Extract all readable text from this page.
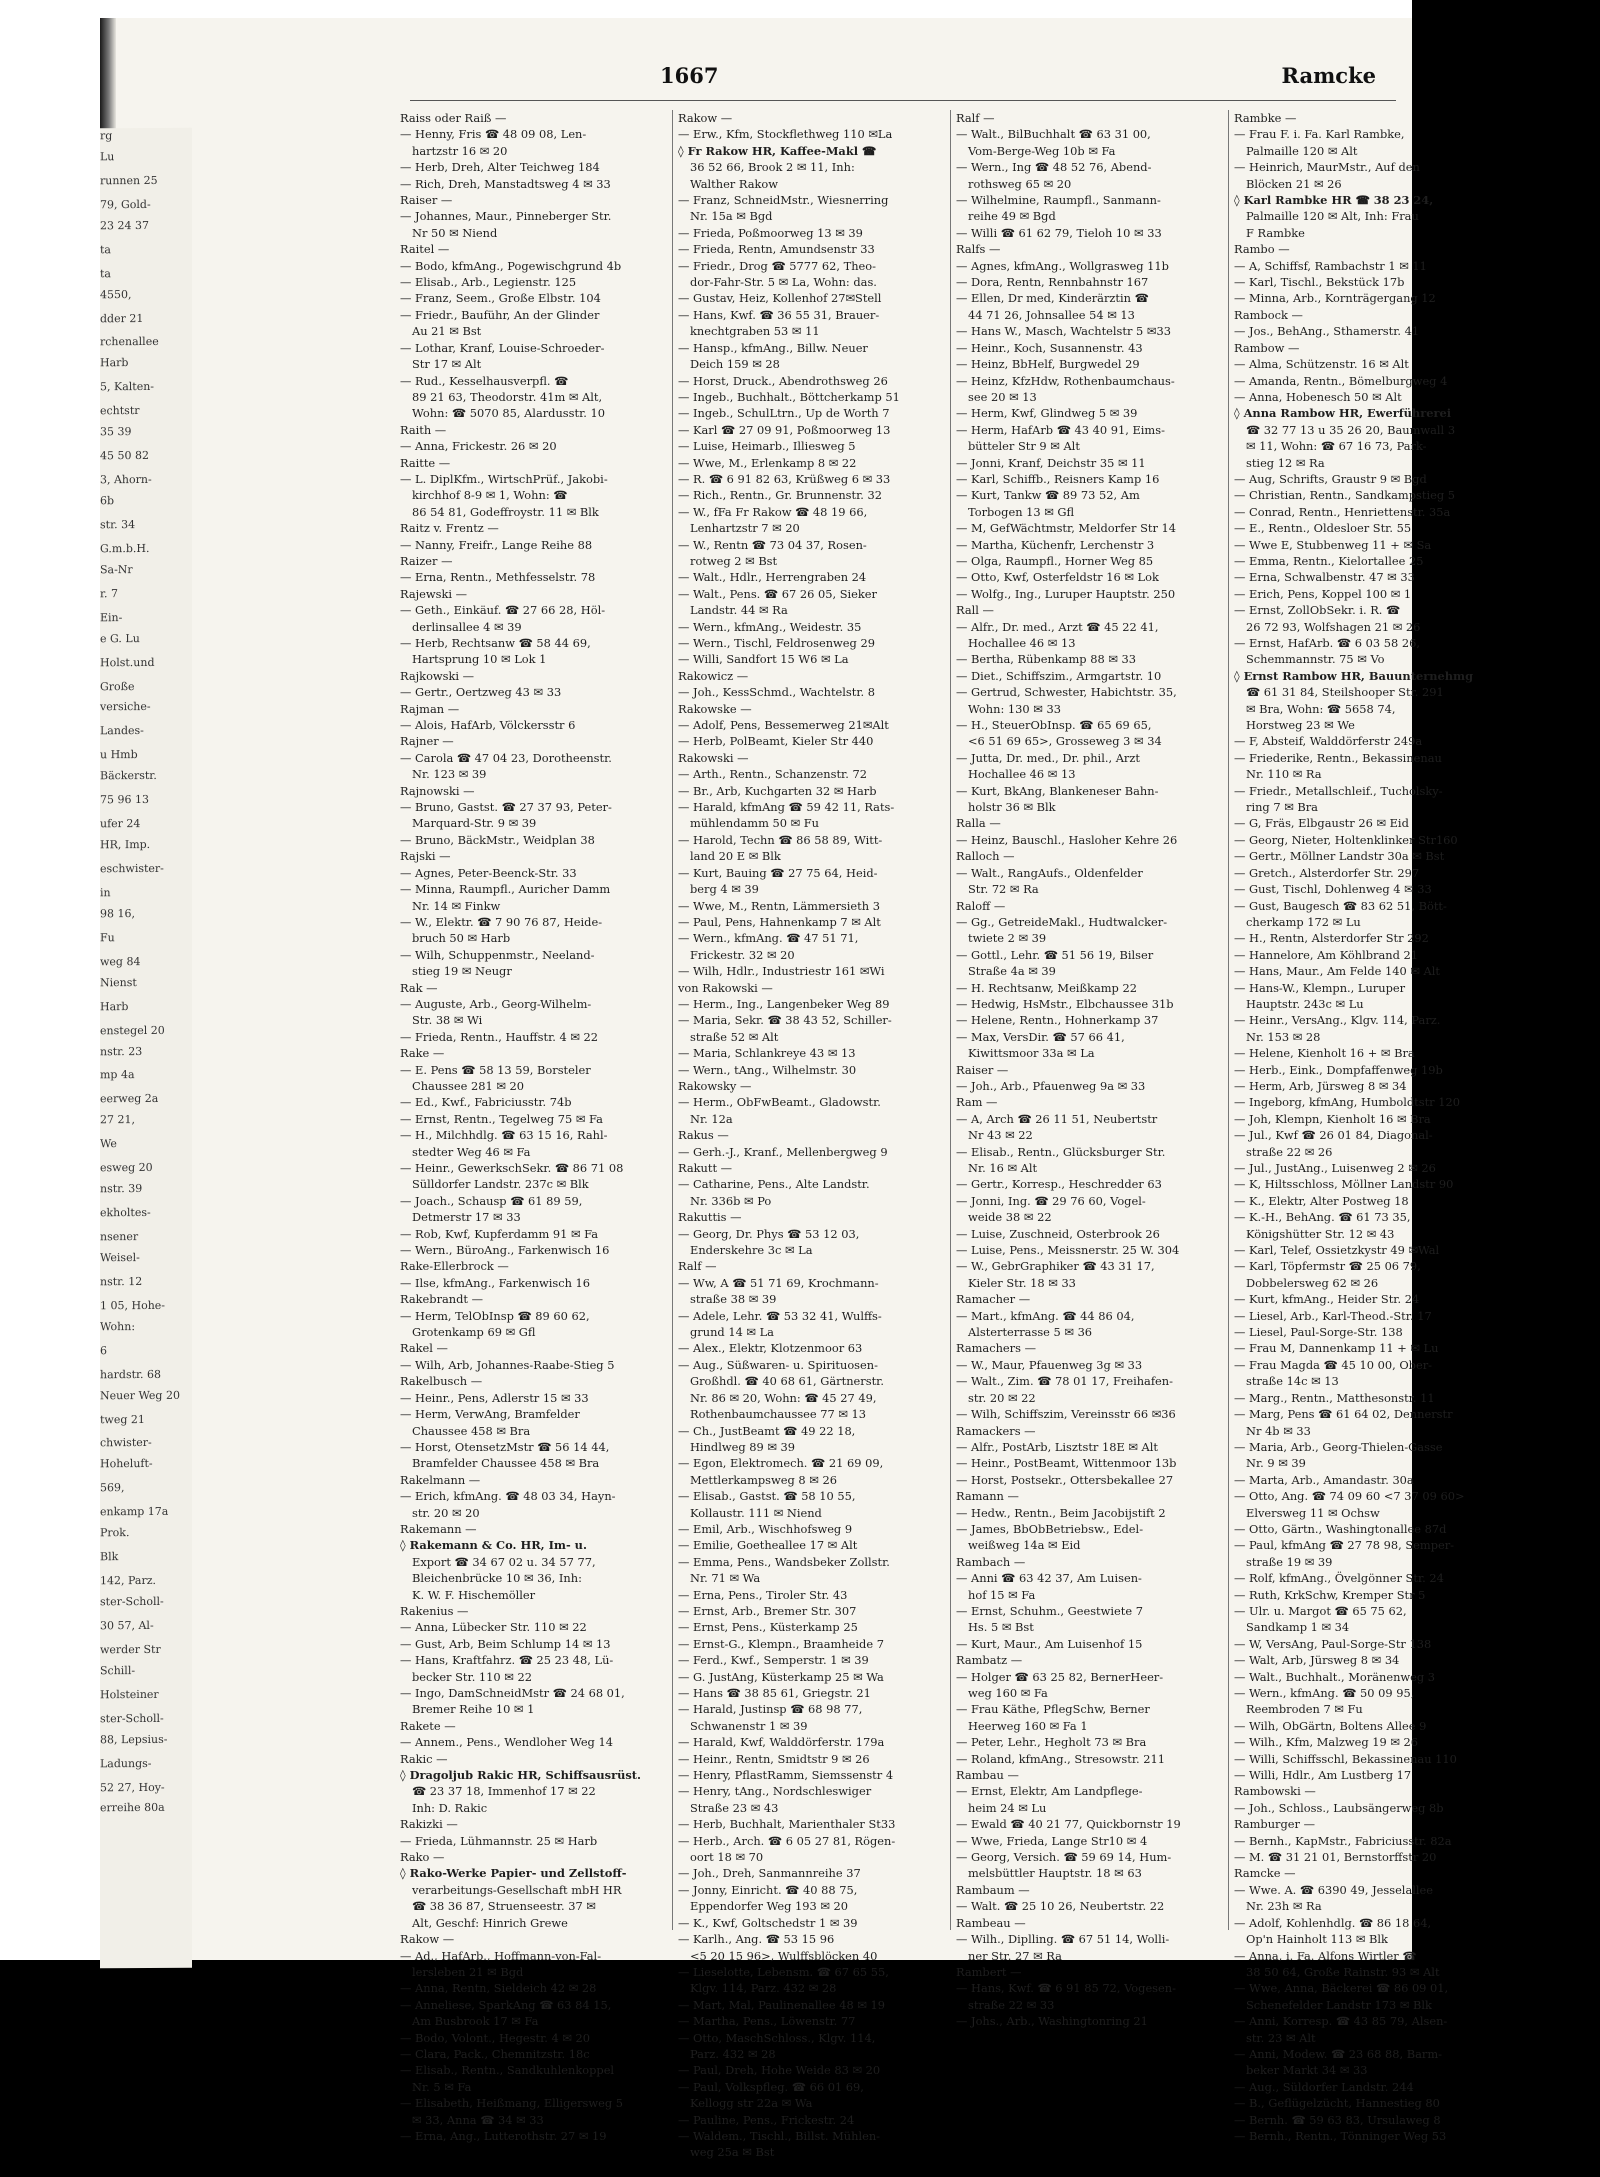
rg
Lu
runnen 25
79, Gold-
23 24 37
ta
ta
4550,
dder 21
rchenallee
Harb
5, Kalten-
echtstr
35 39
45 50 82
3, Ahorn-
6b
str. 34
G.m.b.H.
Sa-Nr
r. 7
Ein-
e G. Lu
Holst.und
Große
versiche-
Landes-
u Hmb
Bäckerstr.
75 96 13
ufer 24
HR, Imp.
eschwister-
in
98 16,
Fu
weg 84
Nienst
Harb
enstegel 20
nstr. 23
mp 4a
eerweg 2a
27 21,
We
esweg 20
nstr. 39
ekholtes-
nsener
Weisel-
nstr. 12
1 05, Hohe-
Wohn:
6
hardstr. 68
Neuer Weg 20
tweg 21
chwister-
Hoheluft-
569,
enkamp 17a
Prok.
Blk
142, Parz.
ster-Scholl-
30 57, Al-
werder Str
Schill-
Holsteiner
ster-Scholl-
88, Lepsius-
Ladungs-
52 27, Hoy-
erreihe 80a
1667	Ramcke
Raiss oder Raiß —
— Henny, Fris ☎ 48 09 08, Len-
hartzstr 16 ✉ 20
— Herb, Dreh, Alter Teichweg 184
— Rich, Dreh, Manstadtsweg 4 ✉ 33
Raiser —
— Johannes, Maur., Pinneberger Str.
Nr 50 ✉ Niend
Raitel —
— Bodo, kfmAng., Pogewischgrund 4b
— Elisab., Arb., Legienstr. 125
— Franz, Seem., Große Elbstr. 104
— Friedr., Bauführ, An der Glinder
Au 21 ✉ Bst
— Lothar, Kranf, Louise-Schroeder-
Str 17 ✉ Alt
— Rud., Kesselhausverpfl. ☎
89 21 63, Theodorstr. 41m ✉ Alt,
Wohn: ☎ 5070 85, Alardusstr. 10
Raith —
— Anna, Frickestr. 26 ✉ 20
Raitte —
— L. DiplKfm., WirtschPrüf., Jakobi-
kirchhof 8-9 ✉ 1, Wohn: ☎
86 54 81, Godeffroystr. 11 ✉ Blk
Raitz v. Frentz —
— Nanny, Freifr., Lange Reihe 88
Raizer —
— Erna, Rentn., Methfesselstr. 78
Rajewski —
— Geth., Einkäuf. ☎ 27 66 28, Höl-
derlinsallee 4 ✉ 39
— Herb, Rechtsanw ☎ 58 44 69,
Hartsprung 10 ✉ Lok 1
Rajkowski —
— Gertr., Oertzweg 43 ✉ 33
Rajman —
— Alois, HafArb, Völckersstr 6
Rajner —
— Carola ☎ 47 04 23, Dorotheenstr.
Nr. 123 ✉ 39
Rajnowski —
— Bruno, Gastst. ☎ 27 37 93, Peter-
Marquard-Str. 9 ✉ 39
— Bruno, BäckMstr., Weidplan 38
Rajski —
— Agnes, Peter-Beenck-Str. 33
— Minna, Raumpfl., Auricher Damm
Nr. 14 ✉ Finkw
— W., Elektr. ☎ 7 90 76 87, Heide-
bruch 50 ✉ Harb
— Wilh, Schuppenmstr., Neeland-
stieg 19 ✉ Neugr
Rak —
— Auguste, Arb., Georg-Wilhelm-
Str. 38 ✉ Wi
— Frieda, Rentn., Hauffstr. 4 ✉ 22
Rake —
— E. Pens ☎ 58 13 59, Borsteler
Chaussee 281 ✉ 20
— Ed., Kwf., Fabriciusstr. 74b
— Ernst, Rentn., Tegelweg 75 ✉ Fa
— H., Milchhdlg. ☎ 63 15 16, Rahl-
stedter Weg 46 ✉ Fa
— Heinr., GewerkschSekr. ☎ 86 71 08
Sülldorfer Landstr. 237c ✉ Blk
— Joach., Schausp ☎ 61 89 59,
Detmerstr 17 ✉ 33
— Rob, Kwf, Kupferdamm 91 ✉ Fa
— Wern., BüroAng., Farkenwisch 16
Rake-Ellerbrock —
— Ilse, kfmAng., Farkenwisch 16
Rakebrandt —
— Herm, TelObInsp ☎ 89 60 62,
Grotenkamp 69 ✉ Gfl
Rakel —
— Wilh, Arb, Johannes-Raabe-Stieg 5
Rakelbusch —
— Heinr., Pens, Adlerstr 15 ✉ 33
— Herm, VerwAng, Bramfelder
Chaussee 458 ✉ Bra
— Horst, OtensetzMstr ☎ 56 14 44,
Bramfelder Chaussee 458 ✉ Bra
Rakelmann —
— Erich, kfmAng. ☎ 48 03 34, Hayn-
str. 20 ✉ 20
Rakemann —
◊ Rakemann & Co. HR, Im- u.
Export ☎ 34 67 02 u. 34 57 77,
Bleichenbrücke 10 ✉ 36, Inh:
K. W. F. Hischemöller
Rakenius —
— Anna, Lübecker Str. 110 ✉ 22
— Gust, Arb, Beim Schlump 14 ✉ 13
— Hans, Kraftfahrz. ☎ 25 23 48, Lü-
becker Str. 110 ✉ 22
— Ingo, DamSchneidMstr ☎ 24 68 01,
Bremer Reihe 10 ✉ 1
Rakete —
— Annem., Pens., Wendloher Weg 14
Rakic —
◊ Dragoljub Rakic HR, Schiffsausrüst.
☎ 23 37 18, Immenhof 17 ✉ 22
Inh: D. Rakic
Rakizki —
— Frieda, Lühmannstr. 25 ✉ Harb
Rako —
◊ Rako-Werke Papier- und Zellstoff-
verarbeitungs-Gesellschaft mbH HR
☎ 38 36 87, Struenseestr. 37 ✉
Alt, Geschf: Hinrich Grewe
Rakow —
— Ad., HafArb., Hoffmann-von-Fal-
lersleben 21 ✉ Bgd
— Anna, Rentn, Sieldeich 42 ✉ 28
— Anneliese, SparkAng ☎ 63 84 15,
Am Busbrook 17 ✉ Fa
— Bodo, Volont., Hegestr. 4 ✉ 20
— Clara, Pack., Chemnitzstr. 18c
— Elisab., Rentn., Sandkuhlenkoppel
Nr. 5 ✉ Fa
— Elisabeth, Heißmang, Elligersweg 5
✉ 33, Anna ☎ 34 ✉ 33
— Erna, Ang., Lutterothstr. 27 ✉ 19
Rakow —
— Erw., Kfm, Stockflethweg 110 ✉La
◊ Fr Rakow HR, Kaffee-Makl ☎
36 52 66, Brook 2 ✉ 11, Inh:
Walther Rakow
— Franz, SchneidMstr., Wiesnerring
Nr. 15a ✉ Bgd
— Frieda, Poßmoorweg 13 ✉ 39
— Frieda, Rentn, Amundsenstr 33
— Friedr., Drog ☎ 5777 62, Theo-
dor-Fahr-Str. 5 ✉ La, Wohn: das.
— Gustav, Heiz, Kollenhof 27✉Stell
— Hans, Kwf. ☎ 36 55 31, Brauer-
knechtgraben 53 ✉ 11
— Hansp., kfmAng., Billw. Neuer
Deich 159 ✉ 28
— Horst, Druck., Abendrothsweg 26
— Ingeb., Buchhalt., Böttcherkamp 51
— Ingeb., SchulLtrn., Up de Worth 7
— Karl ☎ 27 09 91, Poßmoorweg 13
— Luise, Heimarb., Illiesweg 5
— Wwe, M., Erlenkamp 8 ✉ 22
— R. ☎ 6 91 82 63, Krüßweg 6 ✉ 33
— Rich., Rentn., Gr. Brunnenstr. 32
— W., fFa Fr Rakow ☎ 48 19 66,
Lenhartzstr 7 ✉ 20
— W., Rentn ☎ 73 04 37, Rosen-
rotweg 2 ✉ Bst
— Walt., Hdlr., Herrengraben 24
— Walt., Pens. ☎ 67 26 05, Sieker
Landstr. 44 ✉ Ra
— Wern., kfmAng., Weidestr. 35
— Wern., Tischl, Feldrosenweg 29
— Willi, Sandfort 15 W6 ✉ La
Rakowicz —
— Joh., KessSchmd., Wachtelstr. 8
Rakowske —
— Adolf, Pens, Bessemerweg 21✉Alt
— Herb, PolBeamt, Kieler Str 440
Rakowski —
— Arth., Rentn., Schanzenstr. 72
— Br., Arb, Kuchgarten 32 ✉ Harb
— Harald, kfmAng ☎ 59 42 11, Rats-
mühlendamm 50 ✉ Fu
— Harold, Techn ☎ 86 58 89, Witt-
land 20 E ✉ Blk
— Kurt, Bauing ☎ 27 75 64, Heid-
berg 4 ✉ 39
— Wwe, M., Rentn, Lämmersieth 3
— Paul, Pens, Hahnenkamp 7 ✉ Alt
— Wern., kfmAng. ☎ 47 51 71,
Frickestr. 32 ✉ 20
— Wilh, Hdlr., Industriestr 161 ✉Wi
von Rakowski —
— Herm., Ing., Langenbeker Weg 89
— Maria, Sekr. ☎ 38 43 52, Schiller-
straße 52 ✉ Alt
— Maria, Schlankreye 43 ✉ 13
— Wern., tAng., Wilhelmstr. 30
Rakowsky —
— Herm., ObFwBeamt., Gladowstr.
Nr. 12a
Rakus —
— Gerh.-J., Kranf., Mellenbergweg 9
Rakutt —
— Catharine, Pens., Alte Landstr.
Nr. 336b ✉ Po
Rakuttis —
— Georg, Dr. Phys ☎ 53 12 03,
Enderskehre 3c ✉ La
Ralf —
— Ww, A ☎ 51 71 69, Krochmann-
straße 38 ✉ 39
— Adele, Lehr. ☎ 53 32 41, Wulffs-
grund 14 ✉ La
— Alex., Elektr, Klotzenmoor 63
— Aug., Süßwaren- u. Spirituosen-
Großhdl. ☎ 40 68 61, Gärtnerstr.
Nr. 86 ✉ 20, Wohn: ☎ 45 27 49,
Rothenbaumchaussee 77 ✉ 13
— Ch., JustBeamt ☎ 49 22 18,
Hindlweg 89 ✉ 39
— Egon, Elektromech. ☎ 21 69 09,
Mettlerkampsweg 8 ✉ 26
— Elisab., Gastst. ☎ 58 10 55,
Kollaustr. 111 ✉ Niend
— Emil, Arb., Wischhofsweg 9
— Emilie, Goetheallee 17 ✉ Alt
— Emma, Pens., Wandsbeker Zollstr.
Nr. 71 ✉ Wa
— Erna, Pens., Tiroler Str. 43
— Ernst, Arb., Bremer Str. 307
— Ernst, Pens., Küsterkamp 25
— Ernst-G., Klempn., Braamheide 7
— Ferd., Kwf., Semperstr. 1 ✉ 39
— G. JustAng, Küsterkamp 25 ✉ Wa
— Hans ☎ 38 85 61, Griegstr. 21
— Harald, Justinsp ☎ 68 98 77,
Schwanenstr 1 ✉ 39
— Harald, Kwf, Walddörferstr. 179a
— Heinr., Rentn, Smidtstr 9 ✉ 26
— Henry, PflastRamm, Siemssenstr 4
— Henry, tAng., Nordschleswiger
Straße 23 ✉ 43
— Herb, Buchhalt, Marienthaler St33
— Herb., Arch. ☎ 6 05 27 81, Rögen-
oort 18 ✉ 70
— Joh., Dreh, Sanmannreihe 37
— Jonny, Einricht. ☎ 40 88 75,
Eppendorfer Weg 193 ✉ 20
— K., Kwf, Goltschedstr 1 ✉ 39
— Karlh., Ang. ☎ 53 15 96
<5 20 15 96>, Wulffsblöcken 40
— Lieselotte, Lebensm. ☎ 67 65 55,
Klgv. 114, Parz. 432 ✉ 28
— Mart, Mal, Paulinenallee 48 ✉ 19
— Martha, Pens., Löwenstr. 77
— Otto, MaschSchloss., Klgv. 114,
Parz. 432 ✉ 28
— Paul, Dreh, Hohe Weide 83 ✉ 20
— Paul, Volkspfleg. ☎ 66 01 69,
Kellogg str 22a ✉ Wa
— Pauline, Pens., Frickestr. 24
— Waldem., Tischl., Billst. Mühlen-
weg 25a ✉ Bst
Ralf —
— Walt., BilBuchhalt ☎ 63 31 00,
Vom-Berge-Weg 10b ✉ Fa
— Wern., Ing ☎ 48 52 76, Abend-
rothsweg 65 ✉ 20
— Wilhelmine, Raumpfl., Sanmann-
reihe 49 ✉ Bgd
— Willi ☎ 61 62 79, Tieloh 10 ✉ 33
Ralfs —
— Agnes, kfmAng., Wollgrasweg 11b
— Dora, Rentn, Rennbahnstr 167
— Ellen, Dr med, Kinderärztin ☎
44 71 26, Johnsallee 54 ✉ 13
— Hans W., Masch, Wachtelstr 5 ✉33
— Heinr., Koch, Susannenstr. 43
— Heinz, BbHelf, Burgwedel 29
— Heinz, KfzHdw, Rothenbaumchaus-
see 20 ✉ 13
— Herm, Kwf, Glindweg 5 ✉ 39
— Herm, HafArb ☎ 43 40 91, Eims-
bütteler Str 9 ✉ Alt
— Jonni, Kranf, Deichstr 35 ✉ 11
— Karl, Schiffb., Reisners Kamp 16
— Kurt, Tankw ☎ 89 73 52, Am
Torbogen 13 ✉ Gfl
— M, GefWächtmstr, Meldorfer Str 14
— Martha, Küchenfr, Lerchenstr 3
— Olga, Raumpfl., Horner Weg 85
— Otto, Kwf, Osterfeldstr 16 ✉ Lok
— Wolfg., Ing., Luruper Hauptstr. 250
Rall —
— Alfr., Dr. med., Arzt ☎ 45 22 41,
Hochallee 46 ✉ 13
— Bertha, Rübenkamp 88 ✉ 33
— Diet., Schiffszim., Armgartstr. 10
— Gertrud, Schwester, Habichtstr. 35,
Wohn: 130 ✉ 33
— H., SteuerObInsp. ☎ 65 69 65,
<6 51 69 65>, Grosseweg 3 ✉ 34
— Jutta, Dr. med., Dr. phil., Arzt
Hochallee 46 ✉ 13
— Kurt, BkAng, Blankeneser Bahn-
holstr 36 ✉ Blk
Ralla —
— Heinz, Bauschl., Hasloher Kehre 26
Ralloch —
— Walt., RangAufs., Oldenfelder
Str. 72 ✉ Ra
Raloff —
— Gg., GetreideMakl., Hudtwalcker-
twiete 2 ✉ 39
— Gottl., Lehr. ☎ 51 56 19, Bilser
Straße 4a ✉ 39
— H. Rechtsanw, Meißkamp 22
— Hedwig, HsMstr., Elbchaussee 31b
— Helene, Rentn., Hohnerkamp 37
— Max, VersDir. ☎ 57 66 41,
Kiwittsmoor 33a ✉ La
Raiser —
— Joh., Arb., Pfauenweg 9a ✉ 33
Ram —
— A, Arch ☎ 26 11 51, Neubertstr
Nr 43 ✉ 22
— Elisab., Rentn., Glücksburger Str.
Nr. 16 ✉ Alt
— Gertr., Korresp., Heschredder 63
— Jonni, Ing. ☎ 29 76 60, Vogel-
weide 38 ✉ 22
— Luise, Zuschneid, Osterbrook 26
— Luise, Pens., Meissnerstr. 25 W. 304
— W., GebrGraphiker ☎ 43 31 17,
Kieler Str. 18 ✉ 33
Ramacher —
— Mart., kfmAng. ☎ 44 86 04,
Alsterterrasse 5 ✉ 36
Ramachers —
— W., Maur, Pfauenweg 3g ✉ 33
— Walt., Zim. ☎ 78 01 17, Freihafen-
str. 20 ✉ 22
— Wilh, Schiffszim, Vereinsstr 66 ✉36
Ramackers —
— Alfr., PostArb, Lisztstr 18E ✉ Alt
— Heinr., PostBeamt, Wittenmoor 13b
— Horst, Postsekr., Ottersbekallee 27
Ramann —
— Hedw., Rentn., Beim Jacobijstift 2
— James, BbObBetriebsw., Edel-
weißweg 14a ✉ Eid
Rambach —
— Anni ☎ 63 42 37, Am Luisen-
hof 15 ✉ Fa
— Ernst, Schuhm., Geestwiete 7
Hs. 5 ✉ Bst
— Kurt, Maur., Am Luisenhof 15
Rambatz —
— Holger ☎ 63 25 82, BernerHeer-
weg 160 ✉ Fa
— Frau Käthe, PflegSchw, Berner
Heerweg 160 ✉ Fa 1
— Peter, Lehr., Hegholt 73 ✉ Bra
— Roland, kfmAng., Stresowstr. 211
Rambau —
— Ernst, Elektr, Am Landpflege-
heim 24 ✉ Lu
— Ewald ☎ 40 21 77, Quickbornstr 19
— Wwe, Frieda, Lange Str10 ✉ 4
— Georg, Versich. ☎ 59 69 14, Hum-
melsbüttler Hauptstr. 18 ✉ 63
Rambaum —
— Walt. ☎ 25 10 26, Neubertstr. 22
Rambeau —
— Wilh., Diplling. ☎ 67 51 14, Wolli-
ner Str. 27 ✉ Ra
Rambert —
— Hans, Kwf. ☎ 6 91 85 72, Vogesen-
straße 22 ✉ 33
— Johs., Arb., Washingtonring 21
Rambke —
— Frau F. i. Fa. Karl Rambke,
Palmaille 120 ✉ Alt
— Heinrich, MaurMstr., Auf den
Blöcken 21 ✉ 26
◊ Karl Rambke HR ☎ 38 23 24,
Palmaille 120 ✉ Alt, Inh: Frau
F Rambke
Rambo —
— A, Schiffsf, Rambachstr 1 ✉ 11
— Karl, Tischl., Bekstück 17b
— Minna, Arb., Kornträgergang 12
Rambock —
— Jos., BehAng., Sthamerstr. 41
Rambow —
— Alma, Schützenstr. 16 ✉ Alt
— Amanda, Rentn., Bömelburgweg 4
— Anna, Hobenesch 50 ✉ Alt
◊ Anna Rambow HR, Ewerführerei
☎ 32 77 13 u 35 26 20, Baumwall 3
✉ 11, Wohn: ☎ 67 16 73, Park-
stieg 12 ✉ Ra
— Aug, Schrifts, Graustr 9 ✉ Bgd
— Christian, Rentn., Sandkampstieg 5
— Conrad, Rentn., Henriettenstr. 35a
— E., Rentn., Oldesloer Str. 55
— Wwe E, Stubbenweg 11 + ✉ Sa
— Emma, Rentn., Kielortallee 25
— Erna, Schwalbenstr. 47 ✉ 33
— Erich, Pens, Koppel 100 ✉ 1
— Ernst, ZollObSekr. i. R. ☎
26 72 93, Wolfshagen 21 ✉ 26
— Ernst, HafArb. ☎ 6 03 58 26,
Schemmannstr. 75 ✉ Vo
◊ Ernst Rambow HR, Bauunternehmg
☎ 61 31 84, Steilshooper Str. 291
✉ Bra, Wohn: ☎ 5658 74,
Horstweg 23 ✉ We
— F, Absteif, Walddörferstr 249a
— Friederike, Rentn., Bekassinenau
Nr. 110 ✉ Ra
— Friedr., Metallschleif., Tucholsky-
ring 7 ✉ Bra
— G, Fräs, Elbgaustr 26 ✉ Eid
— Georg, Nieter, Holtenklinker Str160
— Gertr., Möllner Landstr 30a ✉ Bst
— Gretch., Alsterdorfer Str. 297
— Gust, Tischl, Dohlenweg 4 ✉ 33
— Gust, Baugesch ☎ 83 62 51, Bött-
cherkamp 172 ✉ Lu
— H., Rentn, Alsterdorfer Str 292
— Hannelore, Am Köhlbrand 21
— Hans, Maur., Am Felde 140 ✉ Alt
— Hans-W., Klempn., Luruper
Hauptstr. 243c ✉ Lu
— Heinr., VersAng., Klgv. 114, Parz.
Nr. 153 ✉ 28
— Helene, Kienholt 16 + ✉ Bra
— Herb., Eink., Dompfaffenweg 19b
— Herm, Arb, Jürsweg 8 ✉ 34
— Ingeborg, kfmAng, Humboldtstr 120
— Joh, Klempn, Kienholt 16 ✉ Bra
— Jul., Kwf ☎ 26 01 84, Diagonal-
straße 22 ✉ 26
— Jul., JustAng., Luisenweg 2 ✉ 26
— K, Hiltsschloss, Möllner Landstr 90
— K., Elektr, Alter Postweg 18
— K.-H., BehAng. ☎ 61 73 35,
Königshütter Str. 12 ✉ 43
— Karl, Telef, Ossietzkystr 49 ✉Wal
— Karl, Töpfermstr ☎ 25 06 79,
Dobbelersweg 62 ✉ 26
— Kurt, kfmAng., Heider Str. 24
— Liesel, Arb., Karl-Theod.-Str. 17
— Liesel, Paul-Sorge-Str. 138
— Frau M, Dannenkamp 11 + ✉ Lu
— Frau Magda ☎ 45 10 00, Ober-
straße 14c ✉ 13
— Marg., Rentn., Matthesonstr. 11
— Marg, Pens ☎ 61 64 02, Dennerstr
Nr 4b ✉ 33
— Maria, Arb., Georg-Thielen-Gasse
Nr. 9 ✉ 39
— Marta, Arb., Amandastr. 30a
— Otto, Ang. ☎ 74 09 60 <7 37 09 60>
Elversweg 11 ✉ Ochsw
— Otto, Gärtn., Washingtonallee 87d
— Paul, kfmAng ☎ 27 78 98, Semper-
straße 19 ✉ 39
— Rolf, kfmAng., Övelgönner Str. 24
— Ruth, KrkSchw, Kremper Str 5
— Ulr. u. Margot ☎ 65 75 62,
Sandkamp 1 ✉ 34
— W, VersAng, Paul-Sorge-Str 138
— Walt, Arb, Jürsweg 8 ✉ 34
— Walt., Buchhalt., Moränenweg 3
— Wern., kfmAng. ☎ 50 09 95,
Reembroden 7 ✉ Fu
— Wilh, ObGärtn, Boltens Allee 9
— Wilh., Kfm, Malzweg 19 ✉ 26
— Willi, Schiffsschl, Bekassinenau 110
— Willi, Hdlr., Am Lustberg 17
Rambowski —
— Joh., Schloss., Laubsängerweg 8b
Ramburger —
— Bernh., KapMstr., Fabriciusstr. 82a
— M. ☎ 31 21 01, Bernstorffstr 20
Ramcke —
— Wwe. A. ☎ 6390 49, Jesselallee
Nr. 23h ✉ Ra
— Adolf, Kohlenhdlg. ☎ 86 18 64,
Op'n Hainholt 113 ✉ Blk
— Anna, i. Fa. Alfons Wirtler ☎
38 50 64, Große Rainstr. 93 ✉ Alt
— Wwe, Anna, Bäckerei ☎ 86 09 01,
Schenefelder Landstr 173 ✉ Blk
— Anni, Korresp. ☎ 43 85 79, Alsen-
str. 23 ✉ Alt
— Anni, Modew. ☎ 23 68 88, Barm-
beker Markt 34 ✉ 33
— Aug., Süldorfer Landstr. 244
— B., Geflügelzücht, Hannestieg 80
— Bernh. ☎ 59 63 83, Ursulaweg 8
— Bernh., Rentn., Tönninger Weg 53
